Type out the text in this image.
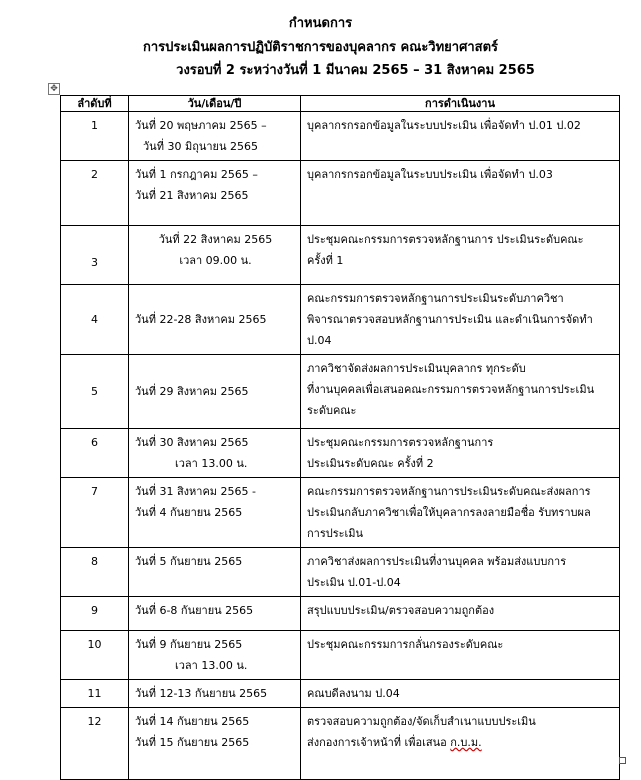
กำหนดการ
การประเมินผลการปฏิบัติราชการของบุคลากร คณะวิทยาศาสตร์
วงรอบที่ 2 ระหว่างวันที่ 1 มีนาคม 2565 – 31 สิงหาคม 2565
✥
ลำดับที่	วัน/เดือน/ปี	การดำเนินงาน
1	วันที่ 20 พฤษภาคม 2565 –
วันที่ 30 มิถุนายน 2565	บุคลากรกรอกข้อมูลในระบบประเมิน เพื่อจัดทำ ป.01 ป.02

2	วันที่ 1 กรกฎาคม 2565 –
วันที่ 21 สิงหาคม 2565	บุคลากรกรอกข้อมูลในระบบประเมิน เพื่อจัดทำ ป.03

3	วันที่ 22 สิงหาคม 2565
เวลา 09.00 น.	ประชุมคณะกรรมการตรวจหลักฐานการ ประเมินระดับคณะ
ครั้งที่ 1

4	วันที่ 22-28 สิงหาคม 2565	คณะกรรมการตรวจหลักฐานการประเมินระดับภาควิชา
พิจารณาตรวจสอบหลักฐานการประเมิน และดำเนินการจัดทำ
ป.04

5	วันที่ 29 สิงหาคม 2565	ภาควิชาจัดส่งผลการประเมินบุคลากร ทุกระดับ
ที่งานบุคคลเพื่อเสนอคณะกรรมการตรวจหลักฐานการประเมิน
ระดับคณะ

6	วันที่ 30 สิงหาคม 2565
เวลา 13.00 น.	ประชุมคณะกรรมการตรวจหลักฐานการ
ประเมินระดับคณะ ครั้งที่ 2

7	วันที่ 31 สิงหาคม 2565 -
วันที่ 4 กันยายน 2565	คณะกรรมการตรวจหลักฐานการประเมินระดับคณะส่งผลการ
ประเมินกลับภาควิชาเพื่อให้บุคลากรลงลายมือชื่อ รับทราบผล
การประเมิน

8	วันที่ 5 กันยายน 2565	ภาควิชาส่งผลการประเมินที่งานบุคคล พร้อมส่งแบบการ
ประเมิน ป.01-ป.04

9	วันที่ 6-8 กันยายน 2565	สรุปแบบประเมิน/ตรวจสอบความถูกต้อง

10	วันที่ 9 กันยายน 2565
เวลา 13.00 น.	ประชุมคณะกรรมการกลั่นกรองระดับคณะ

11	วันที่ 12-13 กันยายน 2565	คณบดีลงนาม ป.04

12	วันที่ 14 กันยายน 2565
วันที่ 15 กันยายน 2565	ตรวจสอบความถูกต้อง/จัดเก็บสำเนาแบบประเมิน
ส่งกองการเจ้าหน้าที่ เพื่อเสนอ ก.บ.ม.
